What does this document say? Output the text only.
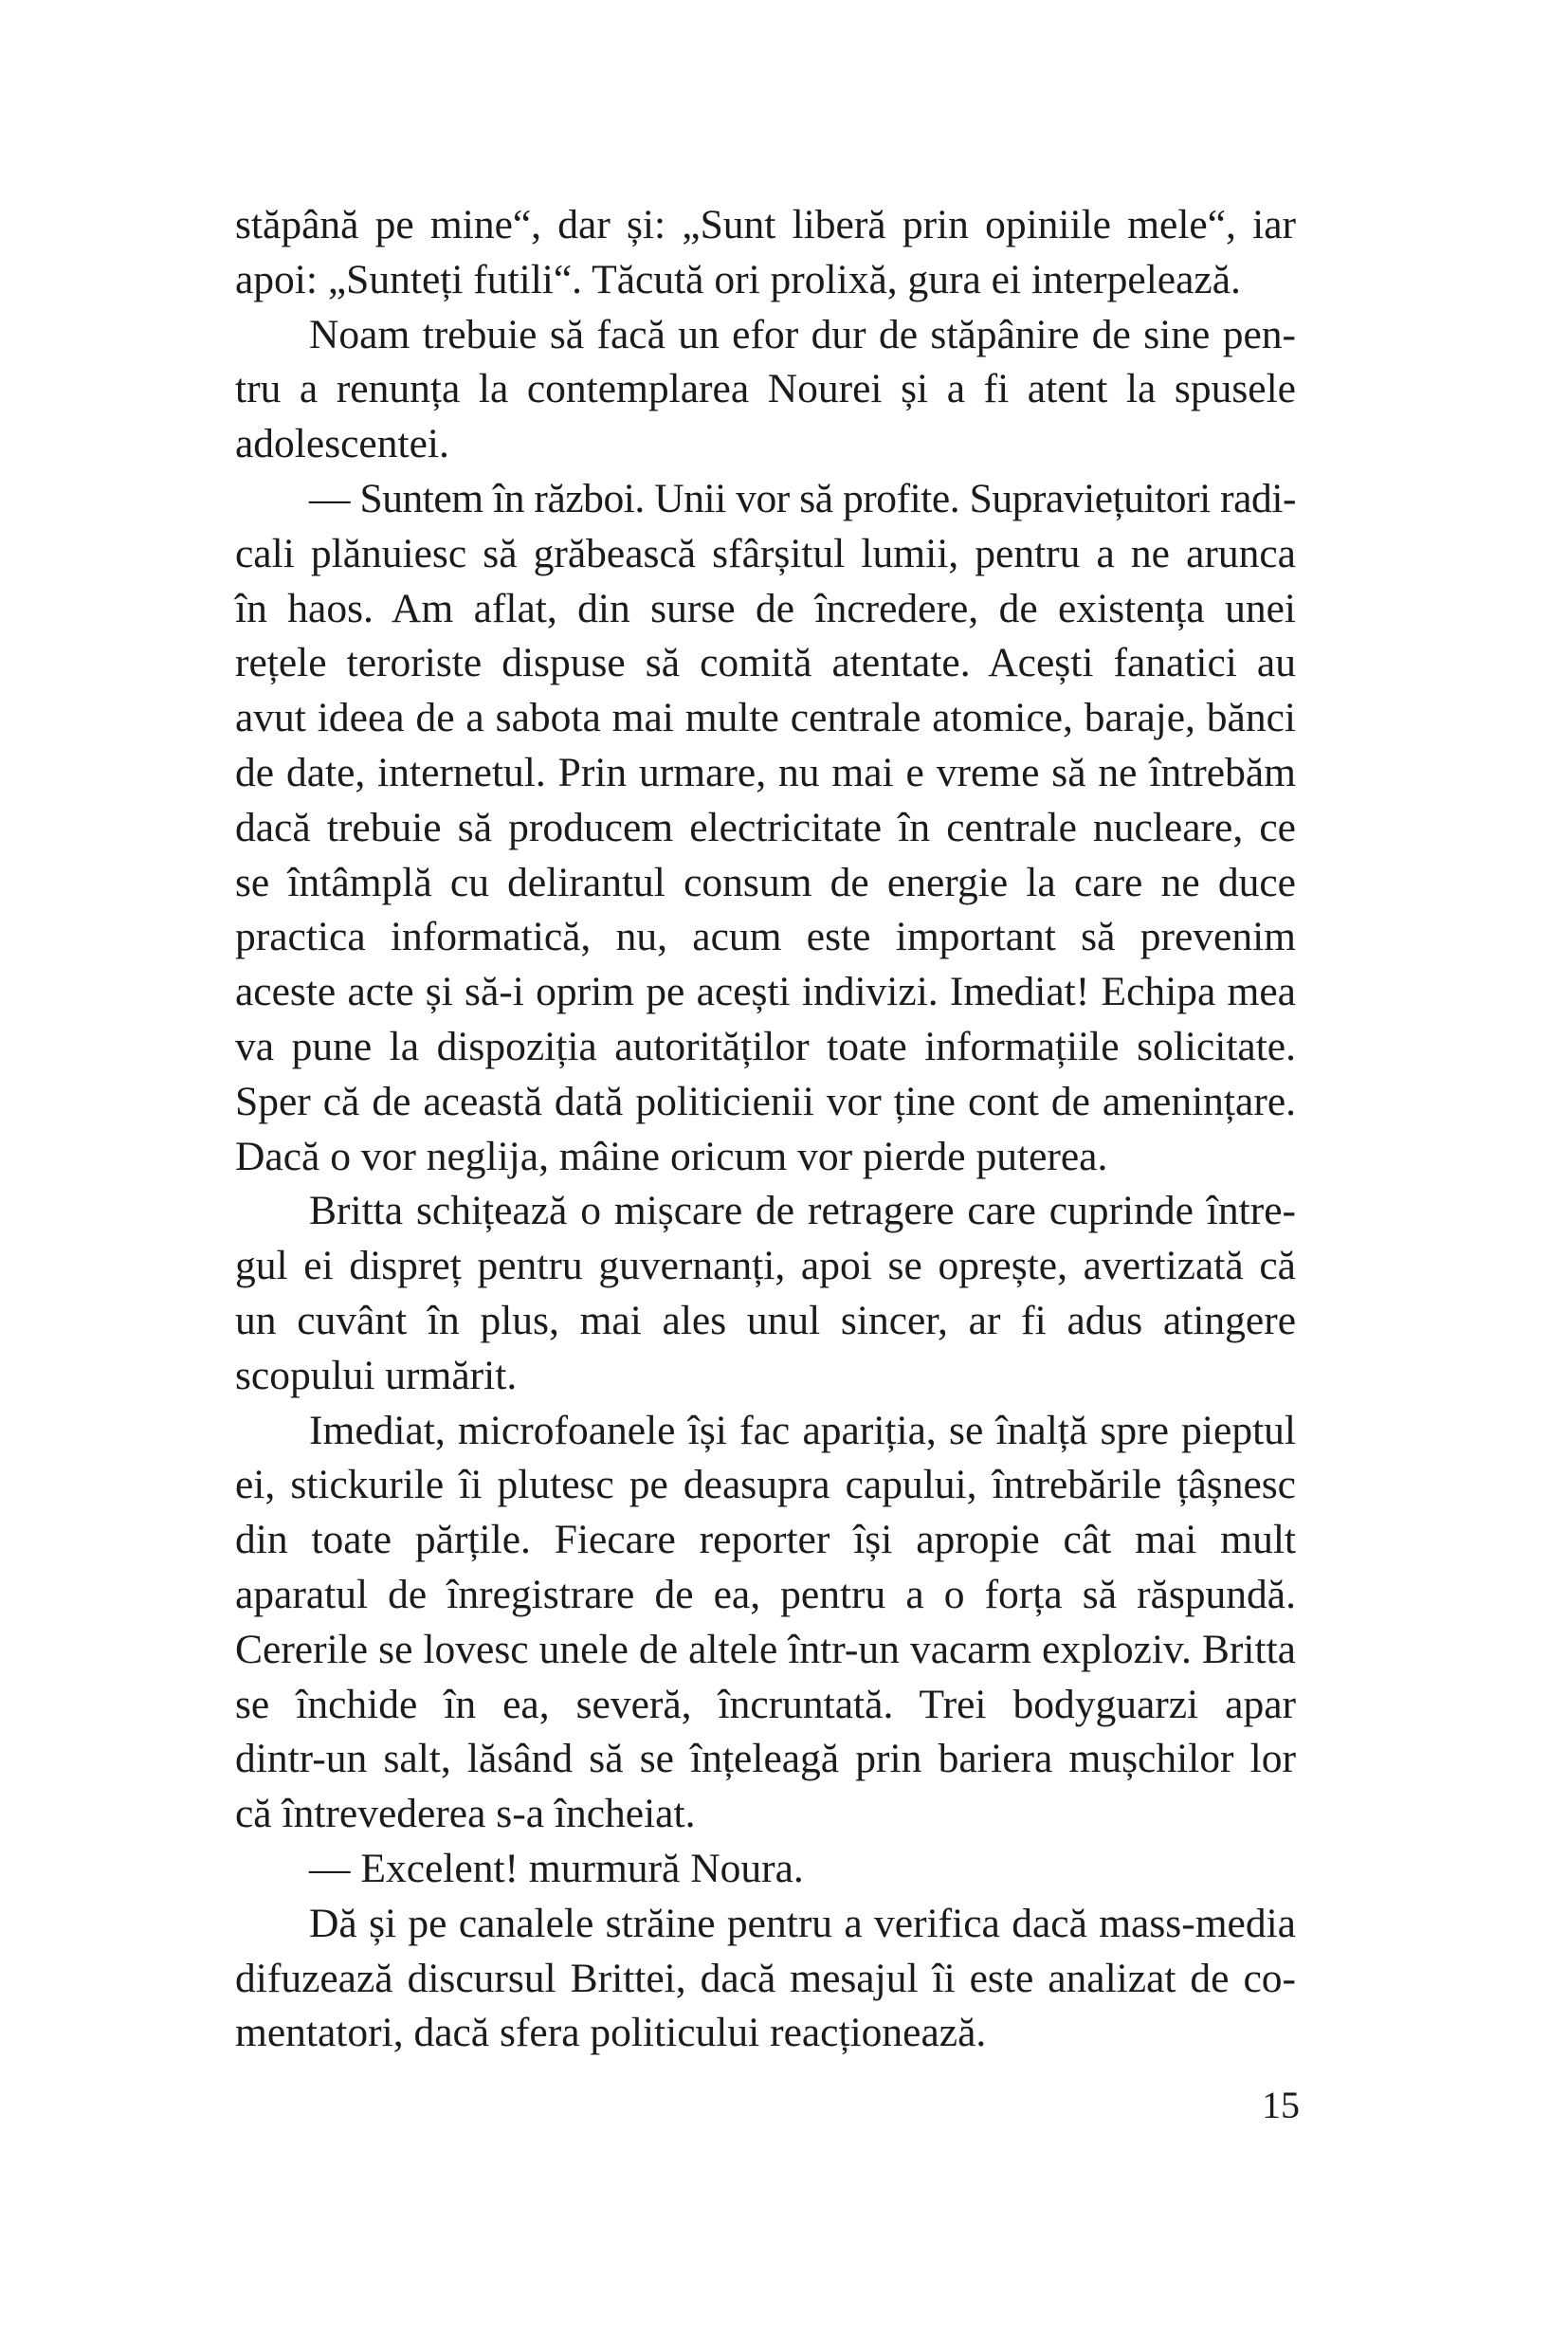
stăpână pe mine“, dar și: „Sunt liberă prin opiniile mele“, iar
apoi: „Sunteți futili“. Tăcută ori prolixă, gura ei interpelează.
Noam trebuie să facă un efor dur de stăpânire de sine pen-
tru a renunța la contemplarea Nourei și a fi atent la spusele
adolescentei.
— Suntem în război. Unii vor să profite. Supraviețuitori radi-
cali plănuiesc să grăbească sfârșitul lumii, pentru a ne arunca
în haos. Am aflat, din surse de încredere, de existența unei
rețele teroriste dispuse să comită atentate. Acești fanatici au
avut ideea de a sabota mai multe centrale atomice, baraje, bănci
de date, internetul. Prin urmare, nu mai e vreme să ne întrebăm
dacă trebuie să producem electricitate în centrale nucleare, ce
se întâmplă cu delirantul consum de energie la care ne duce
practica informatică, nu, acum este important să prevenim
aceste acte și să-i oprim pe acești indivizi. Imediat! Echipa mea
va pune la dispoziția autorităților toate informațiile solicitate.
Sper că de această dată politicienii vor ține cont de amenințare.
Dacă o vor neglija, mâine oricum vor pierde puterea.
Britta schițează o mișcare de retragere care cuprinde între-
gul ei dispreț pentru guvernanți, apoi se oprește, avertizată că
un cuvânt în plus, mai ales unul sincer, ar fi adus atingere
scopului urmărit.
Imediat, microfoanele își fac apariția, se înalță spre pieptul
ei, stickurile îi plutesc pe deasupra capului, întrebările țâșnesc
din toate părțile. Fiecare reporter își apropie cât mai mult
aparatul de înregistrare de ea, pentru a o forța să răspundă.
Cererile se lovesc unele de altele într-un vacarm exploziv. Britta
se închide în ea, severă, încruntată. Trei bodyguarzi apar
dintr-un salt, lăsând să se înțeleagă prin bariera mușchilor lor
că întrevederea s-a încheiat.
— Excelent! murmură Noura.
Dă și pe canalele străine pentru a verifica dacă mass-media
difuzează discursul Brittei, dacă mesajul îi este analizat de co-
mentatori, dacă sfera politicului reacționează.
15
